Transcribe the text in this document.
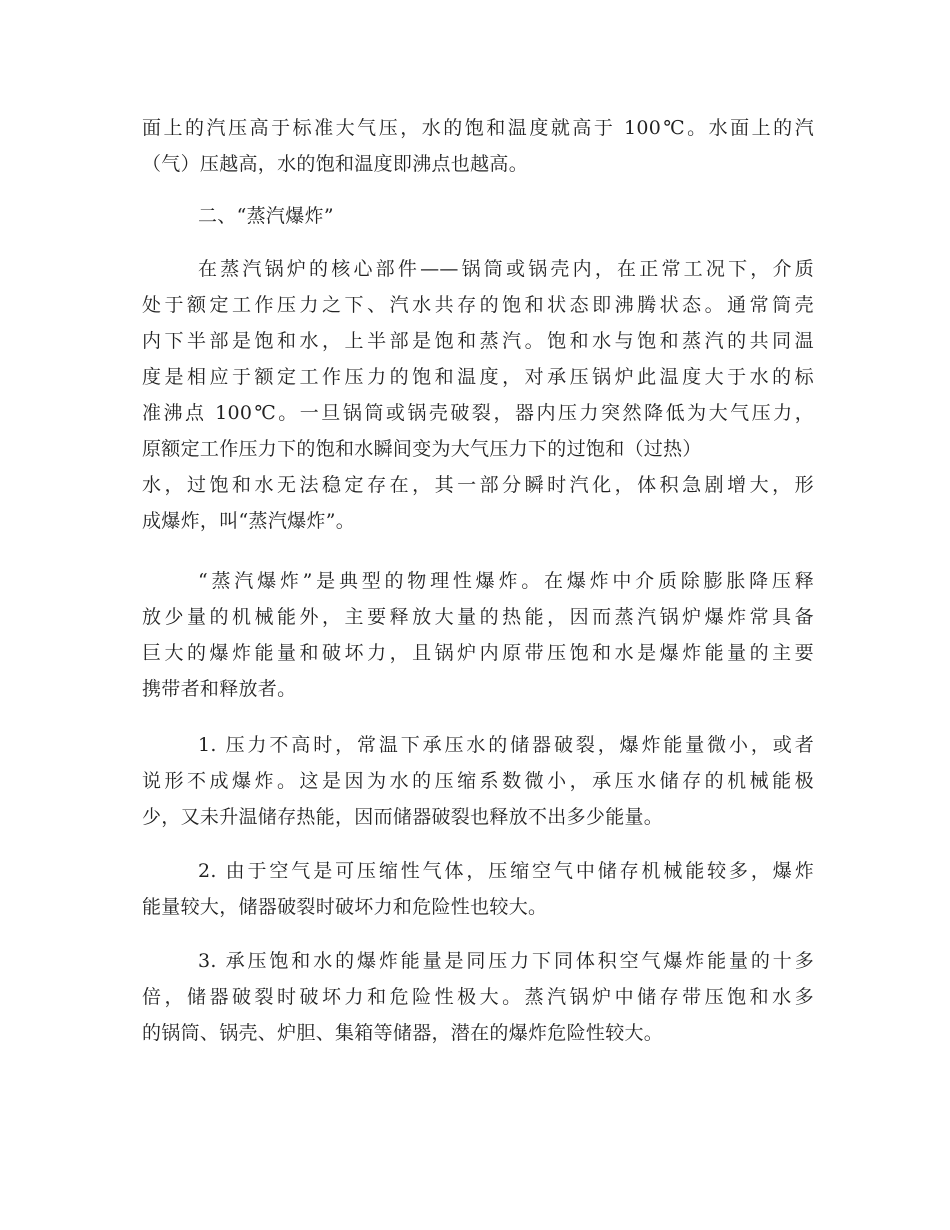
面上的汽压高于标准大气压，水的饱和温度就高于 100℃。水面上的汽
（气）压越高，水的饱和温度即沸点也越高。
二、“蒸汽爆炸”
在蒸汽锅炉的核心部件——锅筒或锅壳内，在正常工况下，介质
处于额定工作压力之下、汽水共存的饱和状态即沸腾状态。通常筒壳
内下半部是饱和水，上半部是饱和蒸汽。饱和水与饱和蒸汽的共同温
度是相应于额定工作压力的饱和温度，对承压锅炉此温度大于水的标
准沸点 100℃。一旦锅筒或锅壳破裂，器内压力突然降低为大气压力，
原额定工作压力下的饱和水瞬间变为大气压力下的过饱和（过热）
水，过饱和水无法稳定存在，其一部分瞬时汽化，体积急剧增大，形
成爆炸，叫“蒸汽爆炸”。
“蒸汽爆炸”是典型的物理性爆炸。在爆炸中介质除膨胀降压释
放少量的机械能外，主要释放大量的热能，因而蒸汽锅炉爆炸常具备
巨大的爆炸能量和破坏力，且锅炉内原带压饱和水是爆炸能量的主要
携带者和释放者。
1. 压力不高时，常温下承压水的储器破裂，爆炸能量微小，或者
说形不成爆炸。这是因为水的压缩系数微小，承压水储存的机械能极
少，又未升温储存热能，因而储器破裂也释放不出多少能量。
2. 由于空气是可压缩性气体，压缩空气中储存机械能较多，爆炸
能量较大，储器破裂时破坏力和危险性也较大。
3. 承压饱和水的爆炸能量是同压力下同体积空气爆炸能量的十多
倍，储器破裂时破坏力和危险性极大。蒸汽锅炉中储存带压饱和水多
的锅筒、锅壳、炉胆、集箱等储器，潜在的爆炸危险性较大。
